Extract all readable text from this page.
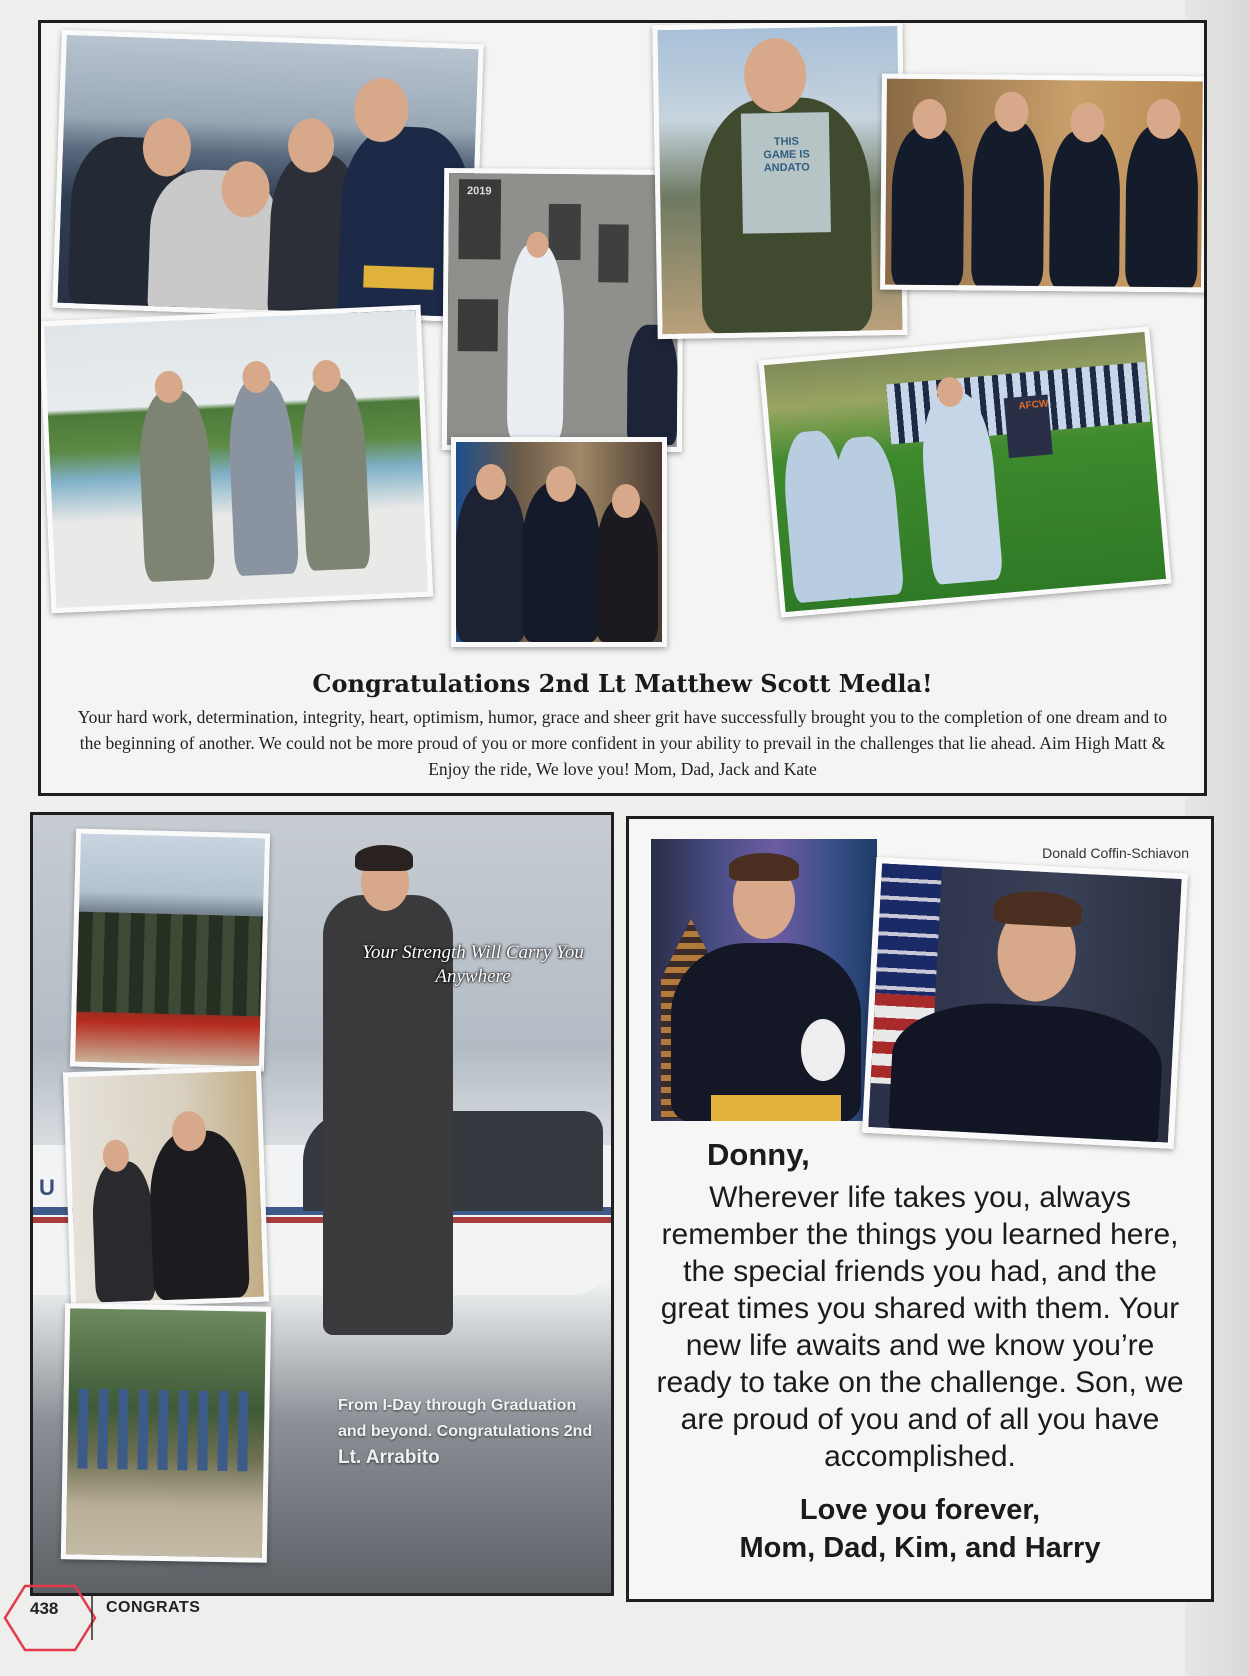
2019
THIS
GAME IS
ANDATO
AFCW
Congratulations 2nd Lt Matthew Scott Medla!
Your hard work, determination, integrity, heart, optimism, humor, grace and sheer grit have successfully brought you to the completion of one dream and to the beginning of another. We could not be more proud of you or more confident in your ability to prevail in the challenges that lie ahead. Aim High Matt & Enjoy the ride, We love you! Mom, Dad, Jack and Kate
U
Your Strength Will Carry You
Anywhere
From I-Day through Graduation
and beyond. Congratulations 2nd
Lt. Arrabito
Donald Coffin-Schiavon
Donny,
Wherever life takes you, always remember the things you learned here, the special friends you had, and the great times you shared with them. Your new life awaits and we know you’re ready to take on the challenge. Son, we are proud of you and of all you have accomplished.
Love you forever,
Mom, Dad, Kim, and Harry
438	CONGRATS
